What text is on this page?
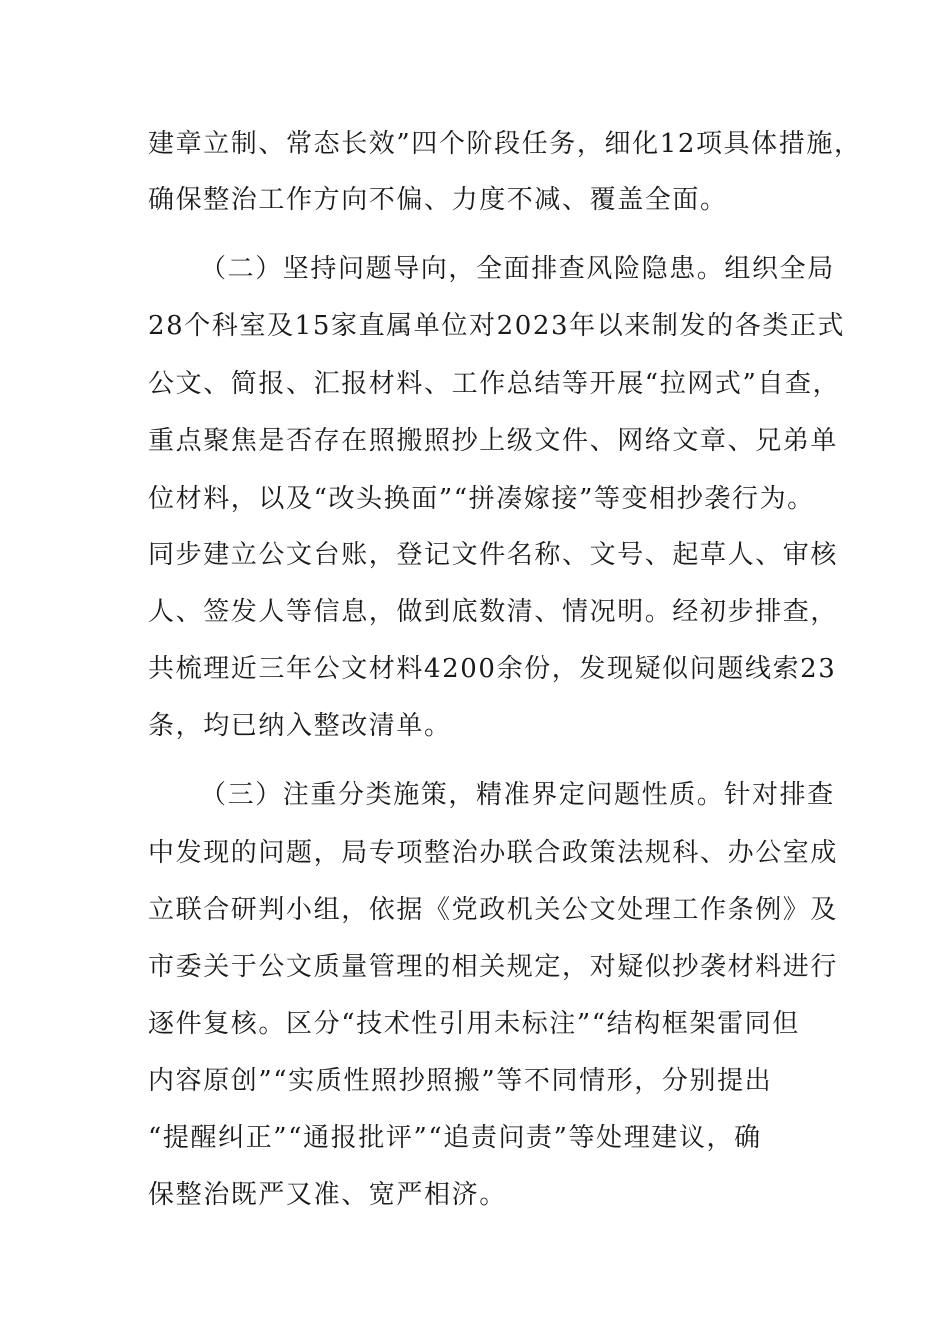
建章立制、常态长效”四个阶段任务，细化12项具体措施，

确保整治工作方向不偏、力度不减、覆盖全面。

（二）坚持问题导向，全面排查风险隐患。组织全局

28个科室及15家直属单位对2023年以来制发的各类正式

公文、简报、汇报材料、工作总结等开展“拉网式”自查，

重点聚焦是否存在照搬照抄上级文件、网络文章、兄弟单

位材料，以及“改头换面”“拼凑嫁接”等变相抄袭行为。

同步建立公文台账，登记文件名称、文号、起草人、审核

人、签发人等信息，做到底数清、情况明。经初步排查，

共梳理近三年公文材料4200余份，发现疑似问题线索23

条，均已纳入整改清单。

（三）注重分类施策，精准界定问题性质。针对排查

中发现的问题，局专项整治办联合政策法规科、办公室成

立联合研判小组，依据《党政机关公文处理工作条例》及

市委关于公文质量管理的相关规定，对疑似抄袭材料进行

逐件复核。区分“技术性引用未标注”“结构框架雷同但

内容原创”“实质性照抄照搬”等不同情形，分别提出

“提醒纠正”“通报批评”“追责问责”等处理建议，确

保整治既严又准、宽严相济。
